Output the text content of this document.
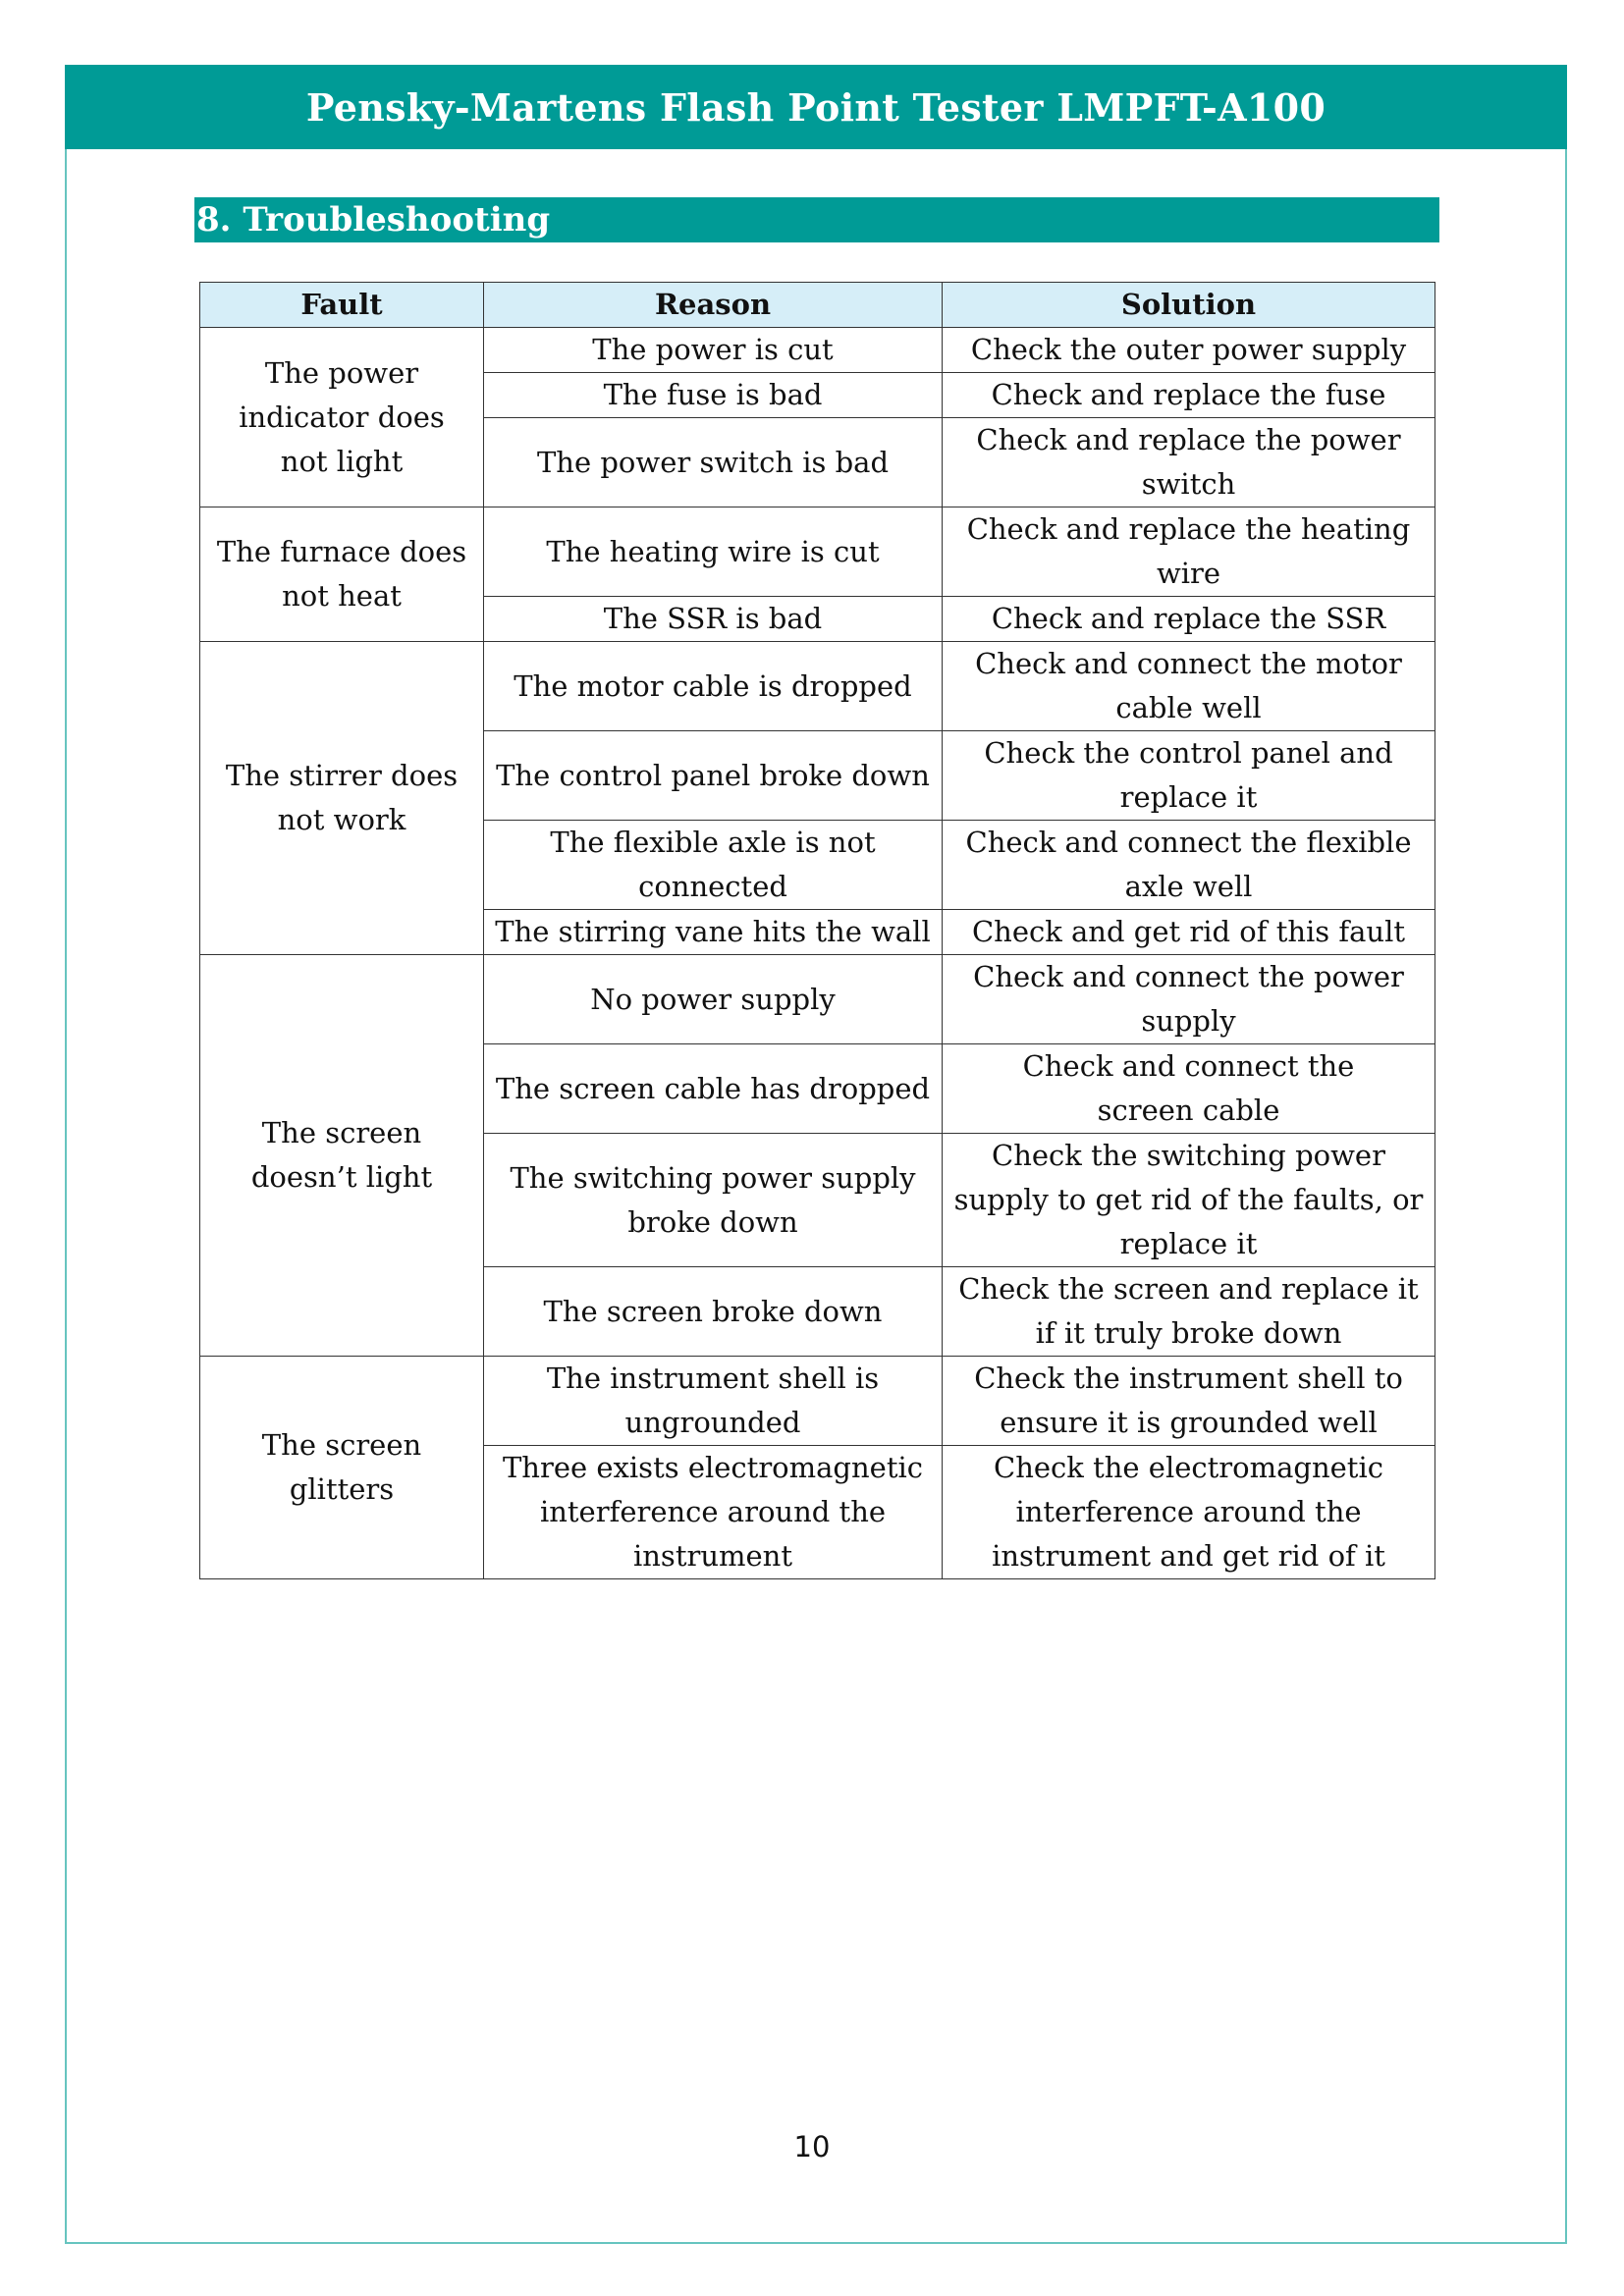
Pensky-Martens Flash Point Tester LMPFT-A100
8. Troubleshooting
Fault	Reason	Solution
The power indicator does not light	The power is cut	Check the outer power supply
	The fuse is bad	Check and replace the fuse
	The power switch is bad	Check and replace the power switch
The furnace does not heat	The heating wire is cut	Check and replace the heating wire
	The SSR is bad	Check and replace the SSR
The stirrer does not work	The motor cable is dropped	Check and connect the motor cable well
	The control panel broke down	Check the control panel and replace it
	The flexible axle is not connected	Check and connect the flexible axle well
	The stirring vane hits the wall	Check and get rid of this fault
The screen doesn’t light	No power supply	Check and connect the power supply
	The screen cable has dropped	Check and connect the screen cable
	The switching power supply broke down	Check the switching power supply to get rid of the faults, or replace it
	The screen broke down	Check the screen and replace it if it truly broke down
The screen glitters	The instrument shell is ungrounded	Check the instrument shell to ensure it is grounded well
	Three exists electromagnetic interference around the instrument	Check the electromagnetic interference around the instrument and get rid of it
10
